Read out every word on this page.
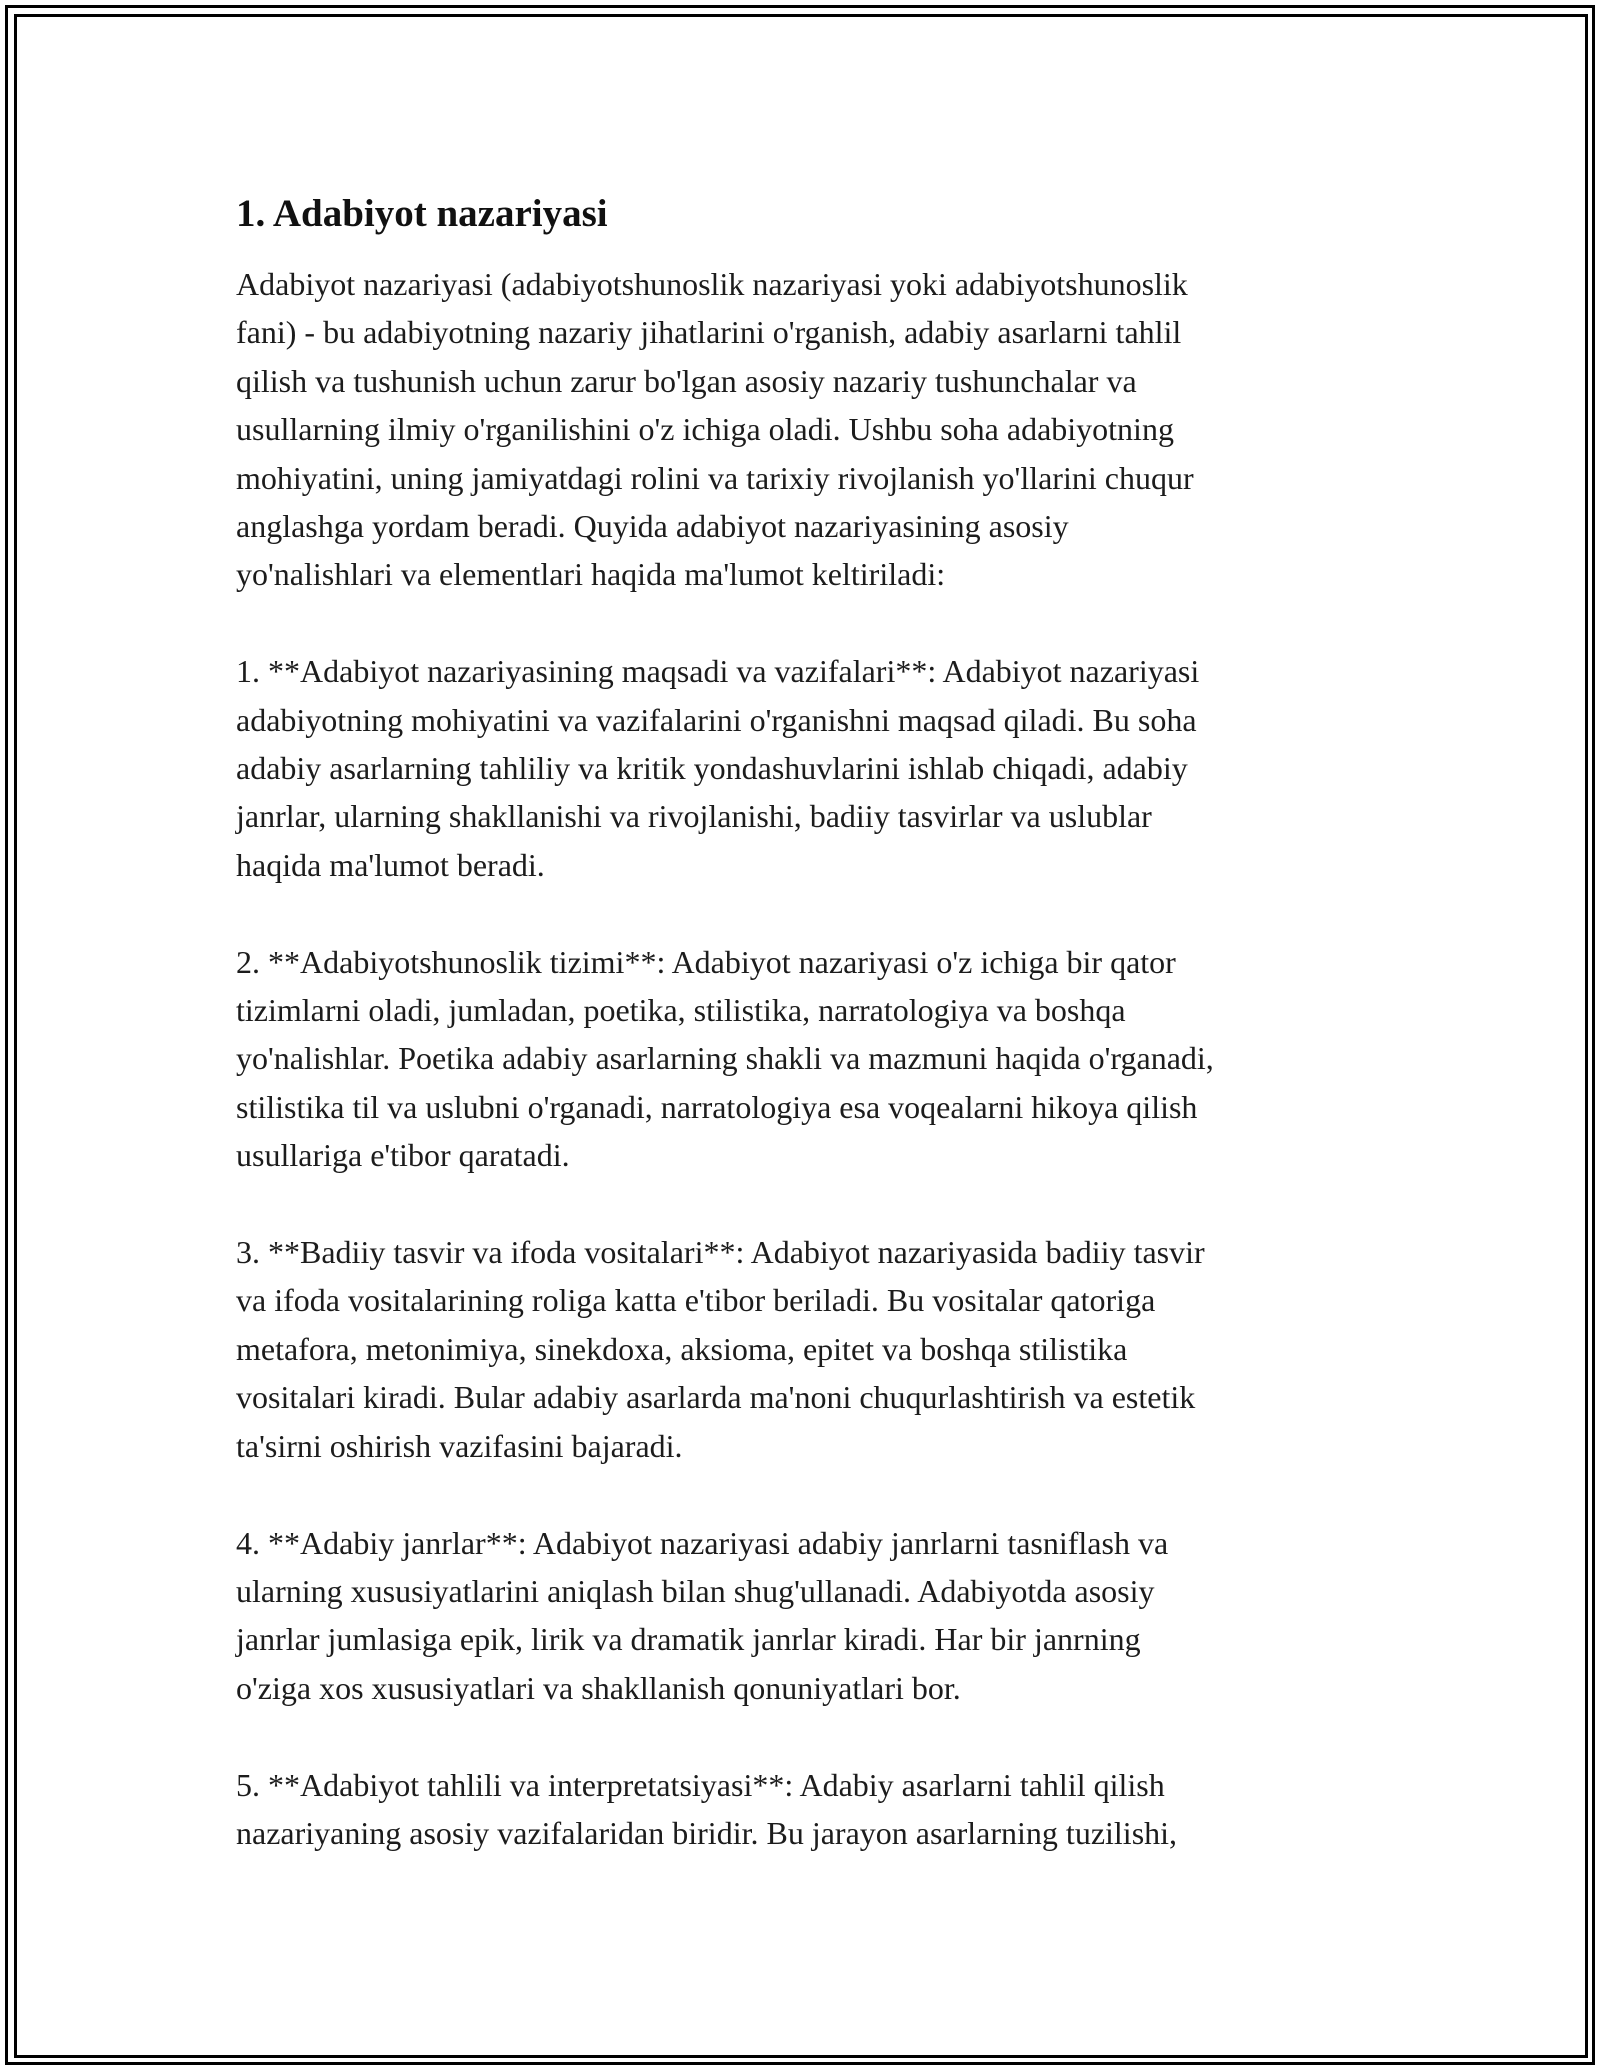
1. Adabiyot nazariyasi
Adabiyot nazariyasi (adabiyotshunoslik nazariyasi yoki adabiyotshunoslik
fani) - bu adabiyotning nazariy jihatlarini o'rganish, adabiy asarlarni tahlil
qilish va tushunish uchun zarur bo'lgan asosiy nazariy tushunchalar va
usullarning ilmiy o'rganilishini o'z ichiga oladi. Ushbu soha adabiyotning
mohiyatini, uning jamiyatdagi rolini va tarixiy rivojlanish yo'llarini chuqur
anglashga yordam beradi. Quyida adabiyot nazariyasining asosiy
yo'nalishlari va elementlari haqida ma'lumot keltiriladi:
1. **Adabiyot nazariyasining maqsadi va vazifalari**: Adabiyot nazariyasi
adabiyotning mohiyatini va vazifalarini o'rganishni maqsad qiladi. Bu soha
adabiy asarlarning tahliliy va kritik yondashuvlarini ishlab chiqadi, adabiy
janrlar, ularning shakllanishi va rivojlanishi, badiiy tasvirlar va uslublar
haqida ma'lumot beradi.
2. **Adabiyotshunoslik tizimi**: Adabiyot nazariyasi o'z ichiga bir qator
tizimlarni oladi, jumladan, poetika, stilistika, narratologiya va boshqa
yo'nalishlar. Poetika adabiy asarlarning shakli va mazmuni haqida o'rganadi,
stilistika til va uslubni o'rganadi, narratologiya esa voqealarni hikoya qilish
usullariga e'tibor qaratadi.
3. **Badiiy tasvir va ifoda vositalari**: Adabiyot nazariyasida badiiy tasvir
va ifoda vositalarining roliga katta e'tibor beriladi. Bu vositalar qatoriga
metafora, metonimiya, sinekdoxa, aksioma, epitet va boshqa stilistika
vositalari kiradi. Bular adabiy asarlarda ma'noni chuqurlashtirish va estetik
ta'sirni oshirish vazifasini bajaradi.
4. **Adabiy janrlar**: Adabiyot nazariyasi adabiy janrlarni tasniflash va
ularning xususiyatlarini aniqlash bilan shug'ullanadi. Adabiyotda asosiy
janrlar jumlasiga epik, lirik va dramatik janrlar kiradi. Har bir janrning
o'ziga xos xususiyatlari va shakllanish qonuniyatlari bor.
5. **Adabiyot tahlili va interpretatsiyasi**: Adabiy asarlarni tahlil qilish
nazariyaning asosiy vazifalaridan biridir. Bu jarayon asarlarning tuzilishi,
